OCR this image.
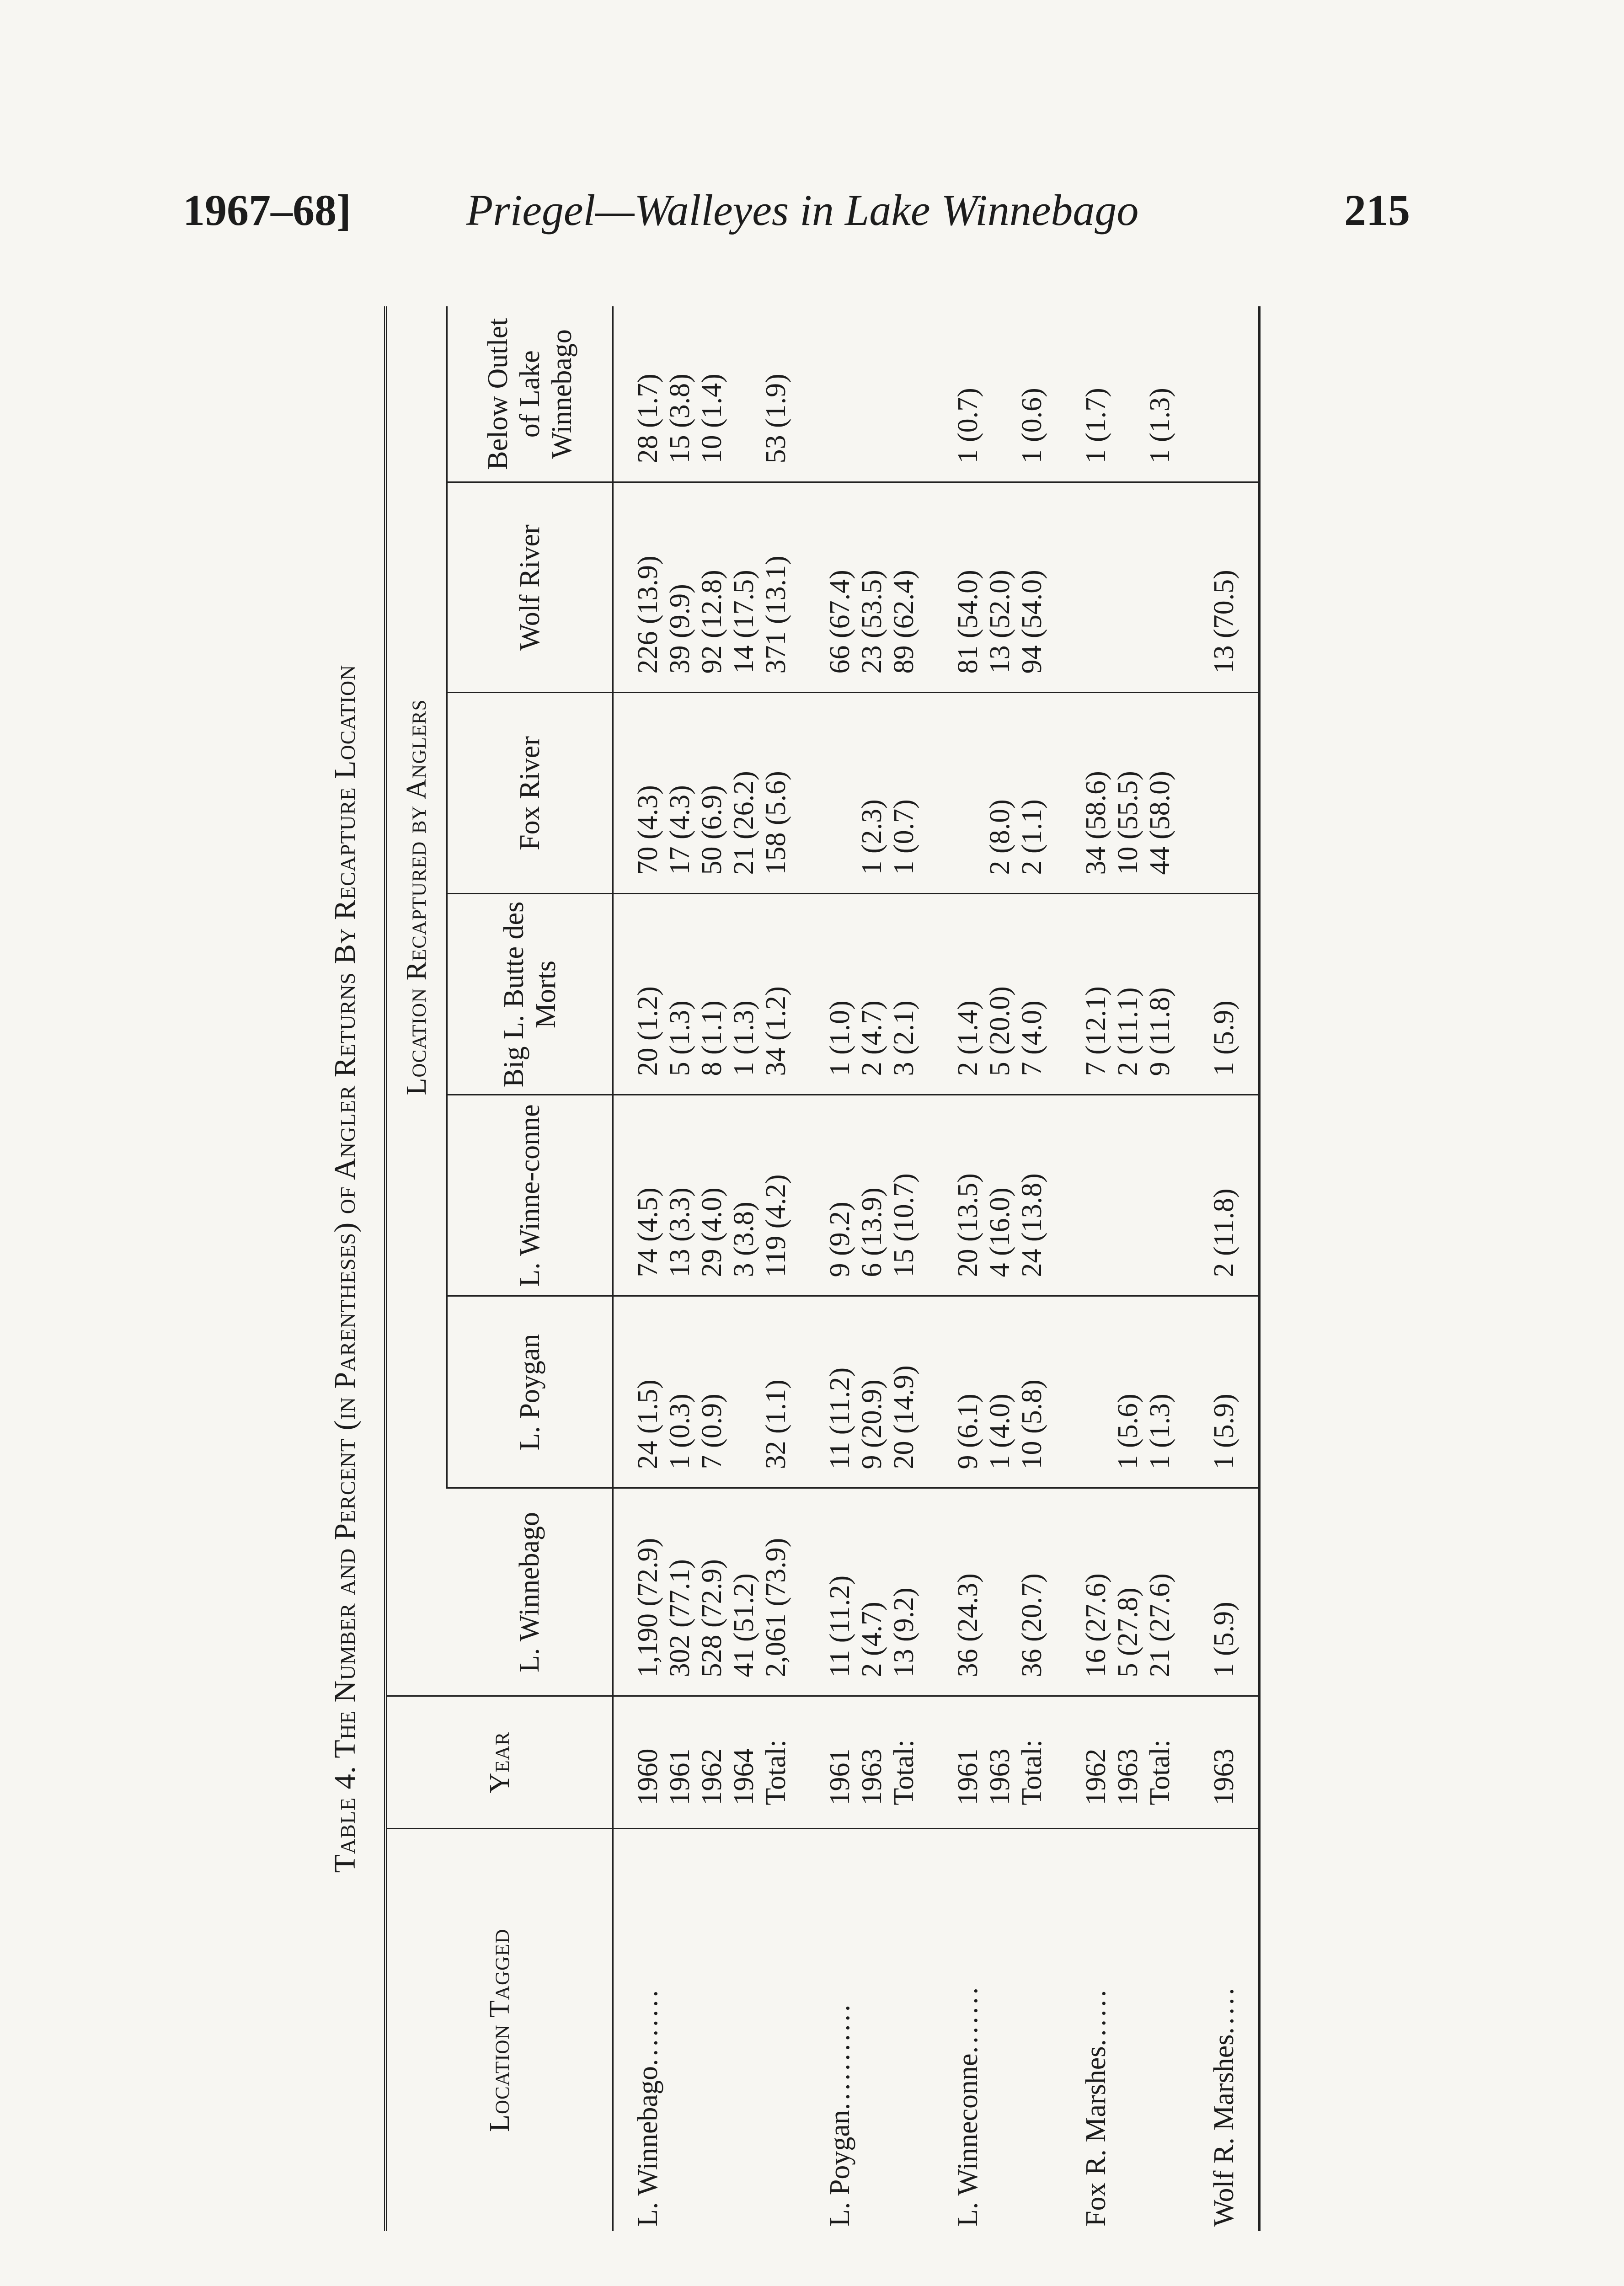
1967–68]	Priegel—Walleyes in Lake Winnebago	215
Table 4. The Number and Percent (in Parentheses) of Angler Returns By Recapture Location
Location Tagged	Year		Location Recaptured by Anglers					
		L. Winnebago	L. Poygan	L. Winne-conne	Big L. Butte des Morts	Fox River	Wolf River	Below Outlet of Lake Winnebago
L. Winnebago........	1960	1,190 (72.9)	24 (1.5)	74 (4.5)	20 (1.2)	70 (4.3)	226 (13.9)	28 (1.7)
	1961	302 (77.1)	1 (0.3)	13 (3.3)	5 (1.3)	17 (4.3)	39 (9.9)	15 (3.8)
	1962	528 (72.9)	7 (0.9)	29 (4.0)	8 (1.1)	50 (6.9)	92 (12.8)	10 (1.4)
	1964	41 (51.2)		3 (3.8)	1 (1.3)	21 (26.2)	14 (17.5)	
	Total:	2,061 (73.9)	32 (1.1)	119 (4.2)	34 (1.2)	158 (5.6)	371 (13.1)	53 (1.9)
L. Poygan...........	1961	11 (11.2)	11 (11.2)	9 (9.2)	1 (1.0)		66 (67.4)	
	1963	2 (4.7)	9 (20.9)	6 (13.9)	2 (4.7)	1 (2.3)	23 (53.5)	
	Total:	13 (9.2)	20 (14.9)	15 (10.7)	3 (2.1)	1 (0.7)	89 (62.4)	
L. Winneconne.......	1961	36 (24.3)	9 (6.1)	20 (13.5)	2 (1.4)		81 (54.0)	1 (0.7)
	1963		1 (4.0)	4 (16.0)	5 (20.0)	2 (8.0)	13 (52.0)	
	Total:	36 (20.7)	10 (5.8)	24 (13.8)	7 (4.0)	2 (1.1)	94 (54.0)	1 (0.6)
Fox R. Marshes......	1962	16 (27.6)			7 (12.1)	34 (58.6)		1 (1.7)
	1963	5 (27.8)	1 (5.6)		2 (11.1)	10 (55.5)		
	Total:	21 (27.6)	1 (1.3)		9 (11.8)	44 (58.0)		1 (1.3)
Wolf R. Marshes.....	1963	1 (5.9)	1 (5.9)	2 (11.8)	1 (5.9)		13 (70.5)	
